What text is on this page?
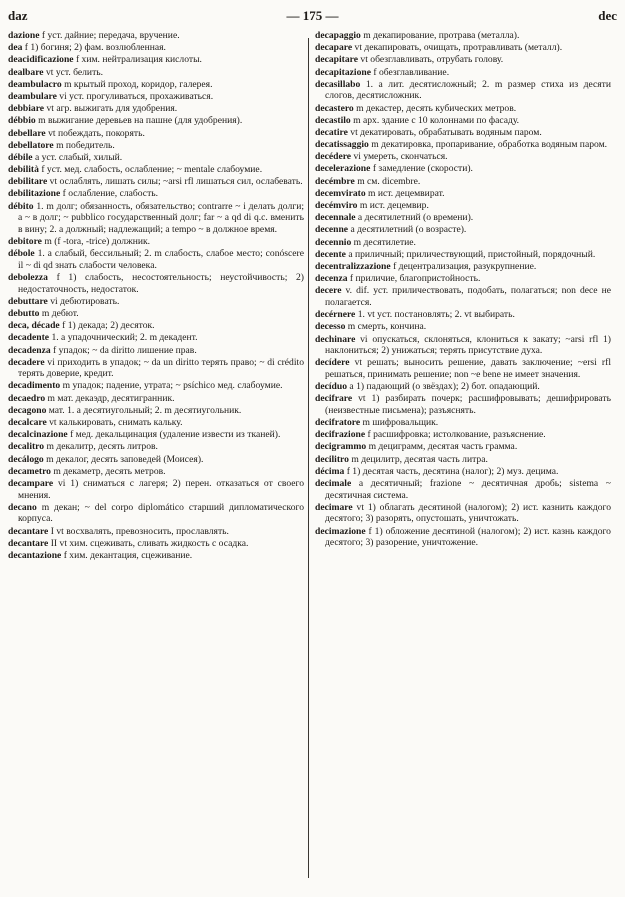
dаz	— 175 —	dec

dazione f уст. дайние; передача, вручение.

dea f 1) богиня; 2) фам. возлюбленная.

deacidificazione f хим. нейтрализация кислоты.

dealbare vt уст. белить.

deambulacro m крытый проход, коридор, галерея.

deambulare vi уст. прогуливаться, прохаживаться.

debbiare vt агр. выжигать для удобрения.

débbio m выжигание деревьев на пашне (для удобрения).

debellare vt побеждать, покорять.

debellatore m победитель.

débile a уст. слабый, хилый.

debilità f уст. мед. слабость, ослабление; ~ mentale слабоумие.

debilitare vt ослаблять, лишать силы; ~arsi rfl лишаться сил, ослабевать.

debilitazione f ослабление, слабость.

débito 1. m долг; обязанность, обязательство; contrarre ~ i делать долги; a ~ в долг; ~ pubblico государственный долг; far ~ a qd di q.c. вменить в вину; 2. a должный; надлежащий; a tempo ~ в должное время.

debitore m (f -tora, -trice) должник.

débole 1. a слабый, бессильный; 2. m слабость, слабое место; conóscere il ~ di qd знать слабости человека.

debolezza f 1) слабость, несостоятельность; неустойчивость; 2) недостаточность, недостаток.

debuttare vi дебютировать.

debutto m дебют.

deca, décade f 1) декада; 2) десяток.

decadente 1. a упадочнический; 2. m декадент.

decadenza f упадок; ~ da diritto лишение прав.

decadere vi приходить в упадок; ~ da un diritto терять право; ~ di crédito терять доверие, кредит.

decadimento m упадок; падение, утрата; ~ psíchico мед. слабоумие.

decaedro m мат. декаэдр, десятигранник.

decagono мат. 1. a десятиугольный; 2. m десятиугольник.

decalcare vt калькировать, снимать кальку.

decalcinazione f мед. декальцинация (удаление извести из тканей).

decalitro m декалитр, десять литров.

decálogo m декалог, десять заповедей (Моисея).

decametro m декаметр, десять метров.

decampare vi 1) сниматься с лагеря; 2) перен. отказаться от своего мнения.

decano m декан; ~ del corpo diplomático старший дипломатического корпуса.

decantare I vt восхвалять, превозносить, прославлять.

decantare II vt хим. сцеживать, сливать жидкость с осадка.

decantazione f хим. декантация, сцеживание.

decapaggio m декапирование, протрава (металла).

decapare vt декапировать, очищать, протравливать (металл).

decapitare vt обезглавливать, отрубать голову.

decapitazione f обезглавливание.

decasillabo 1. a лит. десятисложный; 2. m размер стиха из десяти слогов, десятисложник.

decastero m декастер, десять кубических метров.

decastilo m арх. здание с 10 колоннами по фасаду.

decatire vt декатировать, обрабатывать водяным паром.

decatissaggio m декатировка, пропаривание, обработка водяным паром.

decédere vi умереть, скончаться.

decelerazione f замедление (скорости).

decémbre m см. dicembre.

decemvirato m ист. децемвират.

decémviro m ист. децемвир.

decennale a десятилетний (о времени).

decenne a десятилетний (о возрасте).

decennio m десятилетие.

decente a приличный; приличествующий, пристойный, порядочный.

decentralizzazione f децентрализация, разукрупнение.

decenza f приличие, благопристойность.

decere v. dif. уст. приличествовать, подобать, полагаться; non dece не полагается.

decérnere 1. vt уст. постановлять; 2. vt выбирать.

decesso m смерть, кончина.

dechinare vi опускаться, склоняться, клониться к закату; ~arsi rfl 1) наклониться; 2) унижаться; терять присутствие духа.

decídere vt решать; выносить решение, давать заключение; ~ersi rfl решаться, принимать решение; non ~e bene не имеет значения.

decíduo a 1) падающий (о звёздах); 2) бот. опадающий.

decifrare vt 1) разбирать почерк; расшифровывать; дешифрировать (неизвестные письмена); разъяснять.

decifratore m шифровальщик.

decifrazione f расшифровка; истолкование, разъяснение.

decigrammo m дециграмм, десятая часть грамма.

decilitro m децилитр, десятая часть литра.

décima f 1) десятая часть, десятина (налог); 2) муз. децима.

decimale a десятичный; frazione ~ десятичная дробь; sistema ~ десятичная система.

decimare vt 1) облагать десятиной (налогом); 2) ист. казнить каждого десятого; 3) разорять, опустошать, уничтожать.

decimazione f 1) обложение десятиной (налогом); 2) ист. казнь каждого десятого; 3) разорение, уничтожение.
